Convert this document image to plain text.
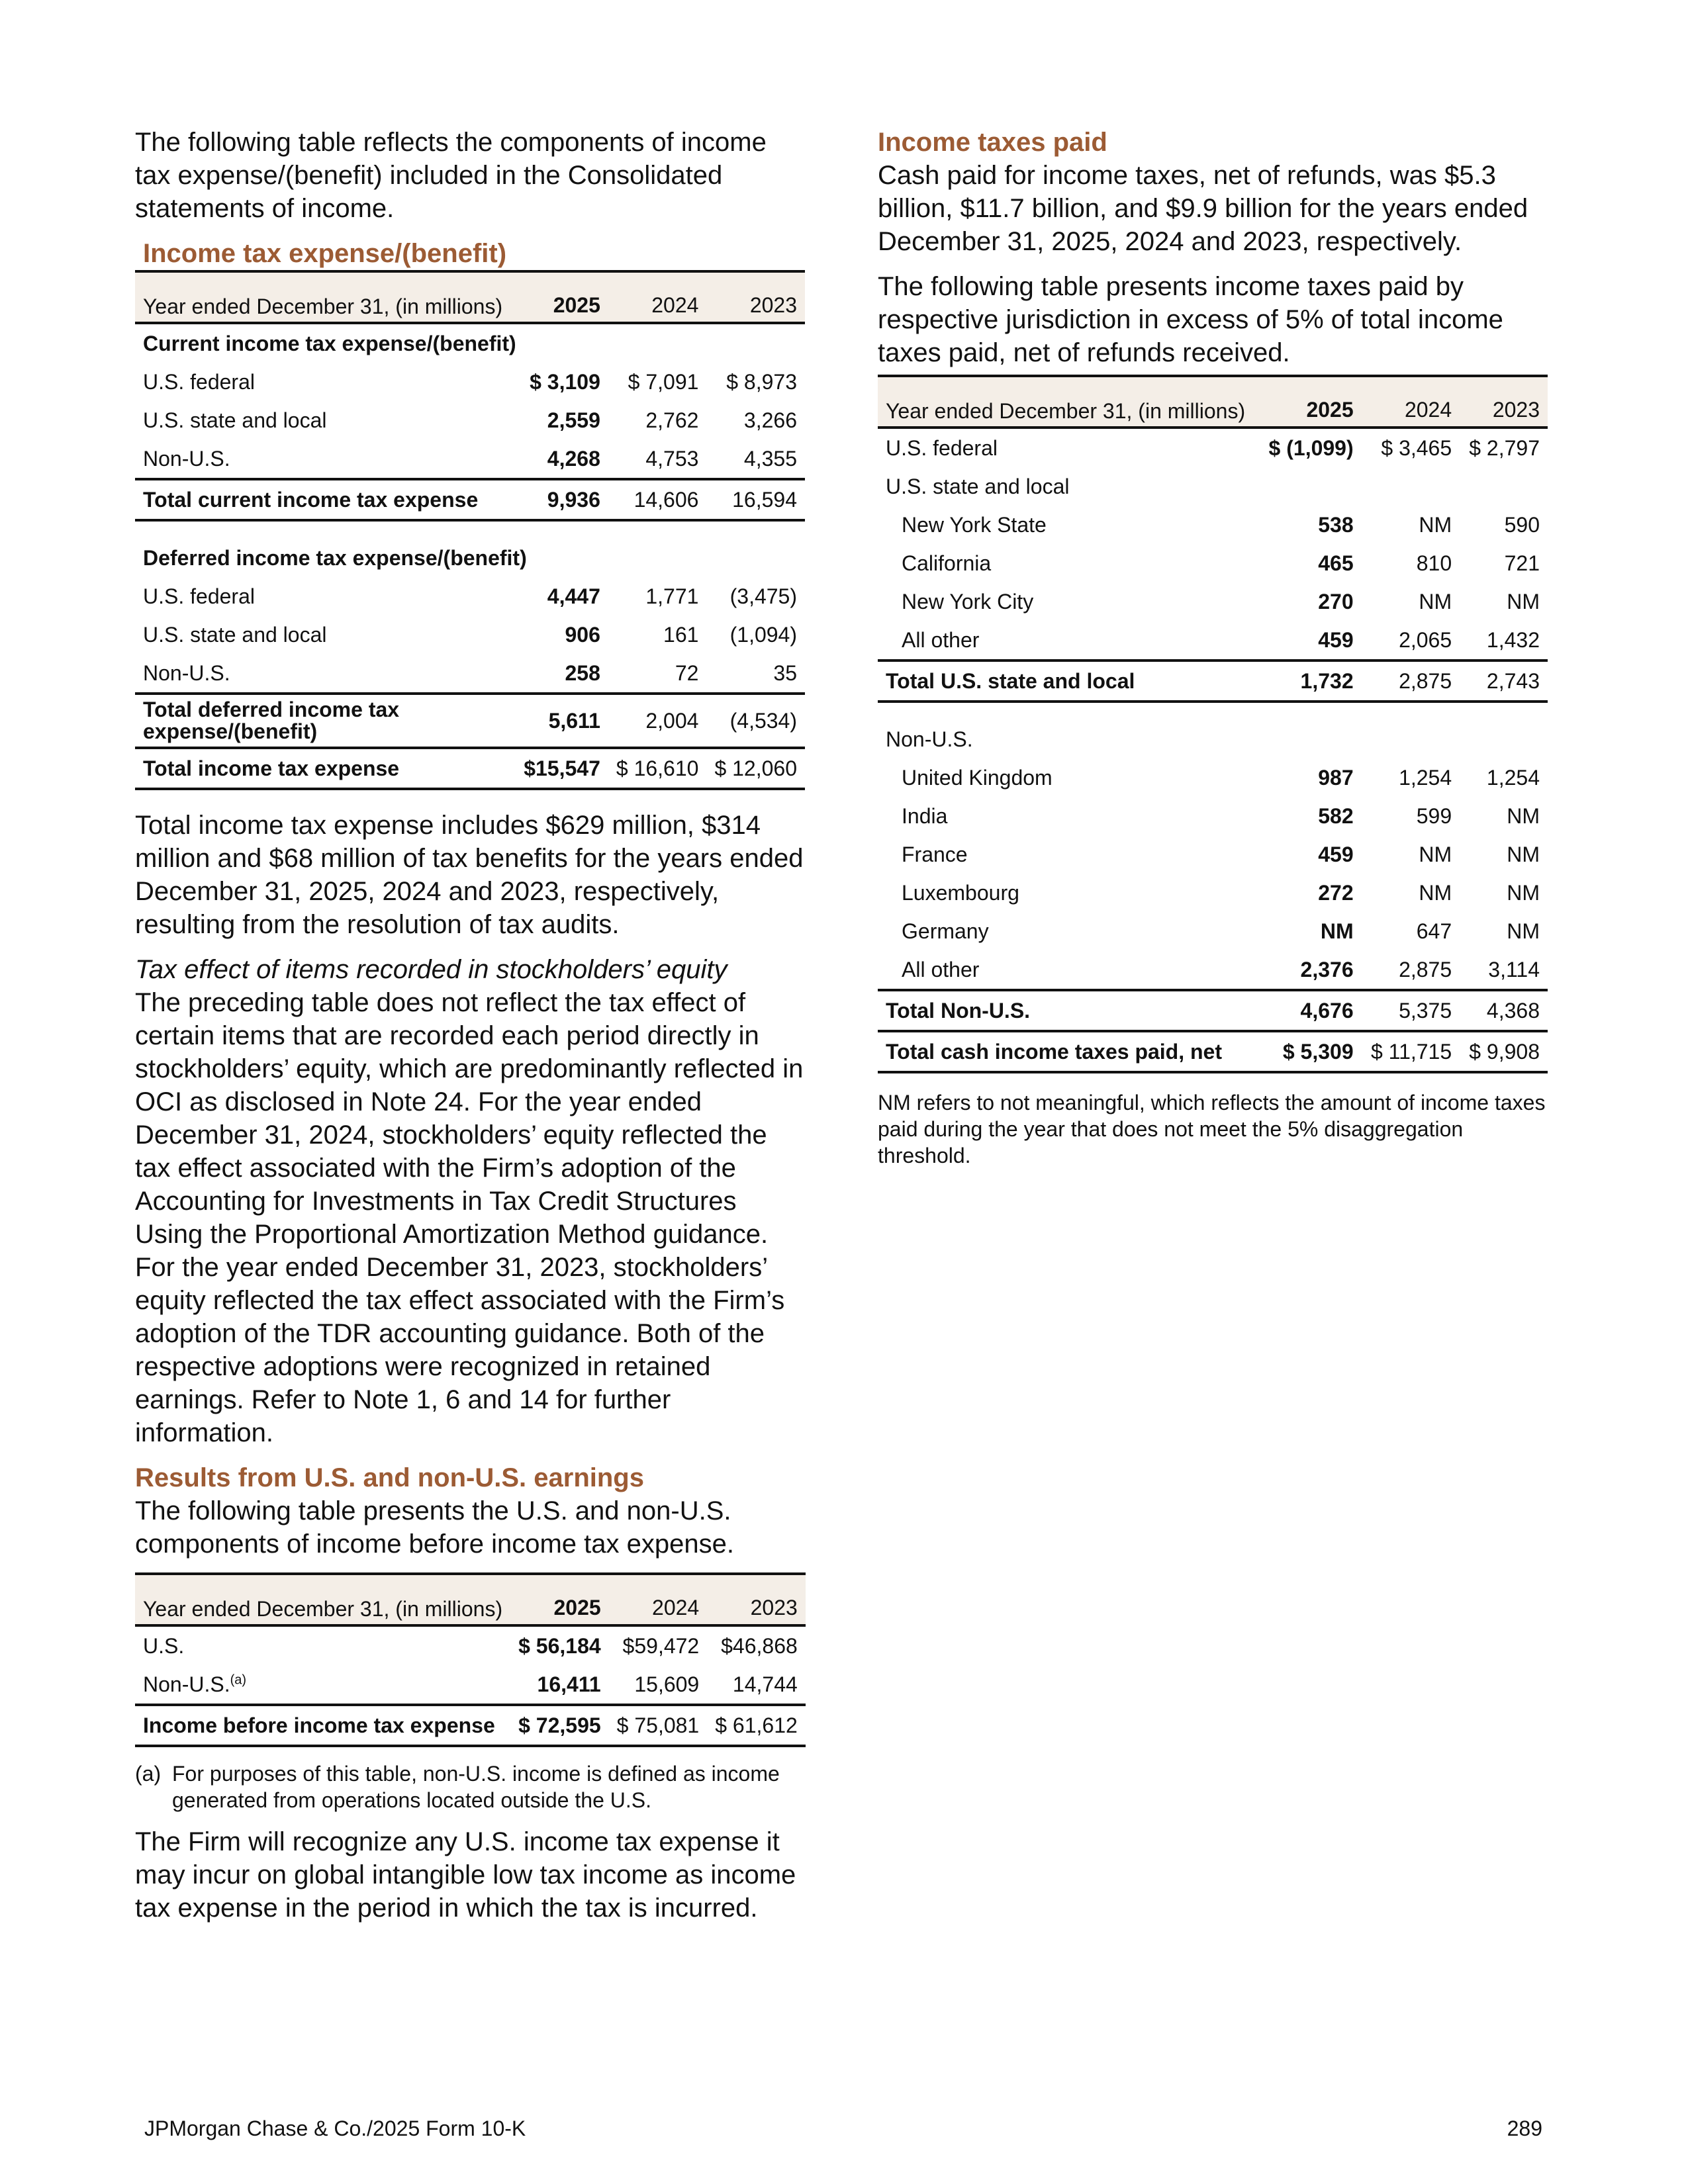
The following table reflects the components of income tax expense/(benefit) included in the Consolidated statements of income.

Income tax expense/(benefit)
Year ended December 31, (in millions)	2025	2024	2023
Current income tax expense/(benefit)			
U.S. federal	$ 3,109	$ 7,091	$ 8,973
U.S. state and local	2,559	2,762	3,266
Non-U.S.	4,268	4,753	4,355
Total current income tax expense	9,936	14,606	16,594

Deferred income tax expense/(benefit)			
U.S. federal	4,447	1,771	(3,475)
U.S. state and local	906	161	(1,094)
Non-U.S.	258	72	35
Total deferred income tax expense/(benefit)	5,611	2,004	(4,534)
Total income tax expense	$15,547	$ 16,610	$ 12,060

Total income tax expense includes $629 million, $314 million and $68 million of tax benefits for the years ended December 31, 2025, 2024 and 2023, respectively, resulting from the resolution of tax audits.

Tax effect of items recorded in stockholders’ equity

The preceding table does not reflect the tax effect of certain items that are recorded each period directly in stockholders’ equity, which are predominantly reflected in OCI as disclosed in Note 24. For the year ended December 31, 2024, stockholders’ equity reflected the tax effect associated with the Firm’s adoption of the Accounting for Investments in Tax Credit Structures Using the Proportional Amortization Method guidance. For the year ended December 31, 2023, stockholders’ equity reflected the tax effect associated with the Firm’s adoption of the TDR accounting guidance. Both of the respective adoptions were recognized in retained earnings. Refer to Note 1, 6 and 14 for further information.

Results from U.S. and non-U.S. earnings

The following table presents the U.S. and non-U.S. components of income before income tax expense.

Year ended December 31, (in millions)	2025	2024	2023
U.S.	$ 56,184	$59,472	$46,868
Non-U.S.$^{(a)}$	16,411	15,609	14,744
Income before income tax expense	$ 72,595	$ 75,081	$ 61,612
(a) For purposes of this table, non-U.S. income is defined as income generated from operations located outside the U.S.

The Firm will recognize any U.S. income tax expense it may incur on global intangible low tax income as income tax expense in the period in which the tax is incurred.

Income taxes paid

Cash paid for income taxes, net of refunds, was $5.3 billion, $11.7 billion, and $9.9 billion for the years ended December 31, 2025, 2024 and 2023, respectively.

The following table presents income taxes paid by respective jurisdiction in excess of 5% of total income taxes paid, net of refunds received.

Year ended December 31, (in millions)	2025	2024	2023
U.S. federal	$ (1,099)	$ 3,465	$ 2,797
U.S. state and local			
New York State	538	NM	590
California	465	810	721
New York City	270	NM	NM
All other	459	2,065	1,432
Total U.S. state and local	1,732	2,875	2,743

Non-U.S.			
United Kingdom	987	1,254	1,254
India	582	599	NM
France	459	NM	NM
Luxembourg	272	NM	NM
Germany	NM	647	NM
All other	2,376	2,875	3,114
Total Non-U.S.	4,676	5,375	4,368
Total cash income taxes paid, net	$ 5,309	$ 11,715	$ 9,908
NM refers to not meaningful, which reflects the amount of income taxes paid during the year that does not meet the 5% disaggregation threshold.
JPMorgan Chase & Co./2025 Form 10-K	289
